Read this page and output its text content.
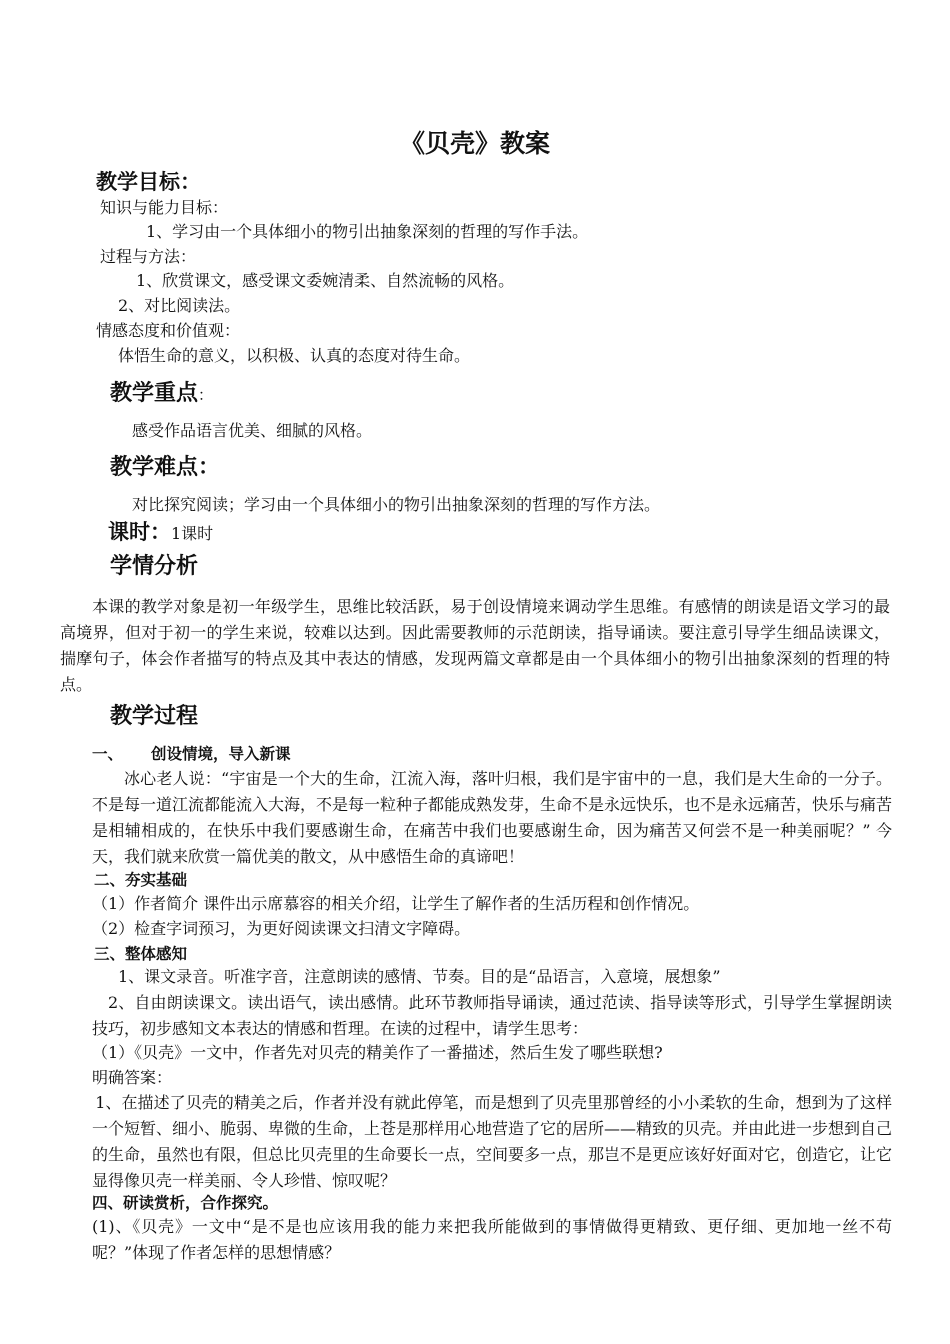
《贝壳》教案
教学目标：
知识与能力目标：
1、学习由一个具体细小的物引出抽象深刻的哲理的写作手法。
过程与方法：
1、欣赏课文，感受课文委婉清柔、自然流畅的风格。
2、对比阅读法。
情感态度和价值观：
体悟生命的意义，以积极、认真的态度对待生命。
教学重点：
感受作品语言优美、细腻的风格。
教学难点：
对比探究阅读；学习由一个具体细小的物引出抽象深刻的哲理的写作方法。
课时：1课时
学情分析

本课的教学对象是初一年级学生，思维比较活跃，易于创设情境来调动学生思维。有感情的朗读是语文学习的最高境界，但对于初一的学生来说，较难以达到。因此需要教师的示范朗读，指导诵读。要注意引导学生细品读课文，揣摩句子，体会作者描写的特点及其中表达的情感，发现两篇文章都是由一个具体细小的物引出抽象深刻的哲理的特点。

教学过程
一、 创设情境，导入新课

冰心老人说：“宇宙是一个大的生命，江流入海，落叶归根，我们是宇宙中的一息，我们是大生命的一分子。不是每一道江流都能流入大海，不是每一粒种子都能成熟发芽，生命不是永远快乐，也不是永远痛苦，快乐与痛苦是相辅相成的，在快乐中我们要感谢生命，在痛苦中我们也要感谢生命，因为痛苦又何尝不是一种美丽呢？” 今天，我们就来欣赏一篇优美的散文，从中感悟生命的真谛吧！

二、夯实基础
（1）作者简介 课件出示席慕容的相关介绍，让学生了解作者的生活历程和创作情况。
（2）检查字词预习，为更好阅读课文扫清文字障碍。
三、整体感知
1、课文录音。听准字音，注意朗读的感情、节奏。目的是“品语言，入意境，展想象”

2、自由朗读课文。读出语气，读出感情。此环节教师指导诵读，通过范读、指导读等形式，引导学生掌握朗读技巧，初步感知文本表达的情感和哲理。在读的过程中，请学生思考：

（1）《贝壳》一文中，作者先对贝壳的精美作了一番描述，然后生发了哪些联想?
明确答案：

1、在描述了贝壳的精美之后，作者并没有就此停笔，而是想到了贝壳里那曾经的小小柔软的生命，想到为了这样一个短暂、细小、脆弱、卑微的生命，上苍是那样用心地营造了它的居所——精致的贝壳。并由此进一步想到自己的生命，虽然也有限，但总比贝壳里的生命要长一点，空间要多一点，那岂不是更应该好好面对它，创造它，让它显得像贝壳一样美丽、令人珍惜、惊叹呢？

四、研读赏析，合作探究。

(1)、《贝壳》一文中“是不是也应该用我的能力来把我所能做到的事情做得更精致、更仔细、更加地一丝不苟呢？”体现了作者怎样的思想情感？
